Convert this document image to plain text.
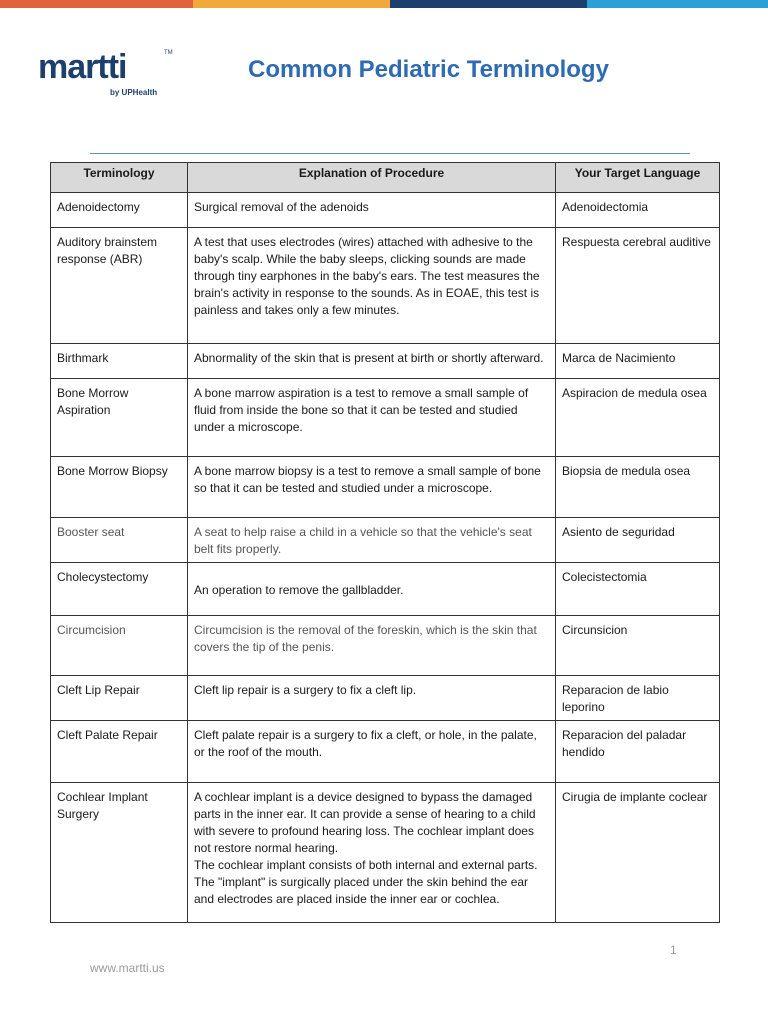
martti	TM
by UPHealth
Common Pediatric Terminology
Terminology	Explanation of Procedure	Your Target Language
Adenoidectomy	Surgical removal of the adenoids	Adenoidectomia
Auditory brainstem response (ABR)	A test that uses electrodes (wires) attached with adhesive to the baby's scalp. While the baby sleeps, clicking sounds are made through tiny earphones in the baby's ears. The test measures the brain's activity in response to the sounds. As in EOAE, this test is painless and takes only a few minutes.	Respuesta cerebral auditive
Birthmark	Abnormality of the skin that is present at birth or shortly afterward.	Marca de Nacimiento
Bone Morrow Aspiration	A bone marrow aspiration is a test to remove a small sample of fluid from inside the bone so that it can be tested and studied under a microscope.	Aspiracion de medula osea
Bone Morrow Biopsy	A bone marrow biopsy is a test to remove a small sample of bone so that it can be tested and studied under a microscope.	Biopsia de medula osea
Booster seat	A seat to help raise a child in a vehicle so that the vehicle's seat belt fits properly.	Asiento de seguridad
Cholecystectomy	An operation to remove the gallbladder.	Colecistectomia
Circumcision	Circumcision is the removal of the foreskin, which is the skin that covers the tip of the penis.	Circunsicion
Cleft Lip Repair	Cleft lip repair is a surgery to fix a cleft lip.	Reparacion de labio leporino
Cleft Palate Repair	Cleft palate repair is a surgery to fix a cleft, or hole, in the palate, or the roof of the mouth.	Reparacion del paladar hendido
Cochlear Implant Surgery	A cochlear implant is a device designed to bypass the damaged parts in the inner ear. It can provide a sense of hearing to a child with severe to profound hearing loss. The cochlear implant does not restore normal hearing.
The cochlear implant consists of both internal and external parts. The "implant" is surgically placed under the skin behind the ear and electrodes are placed inside the inner ear or cochlea.	Cirugia de implante coclear
1
www.martti.us
